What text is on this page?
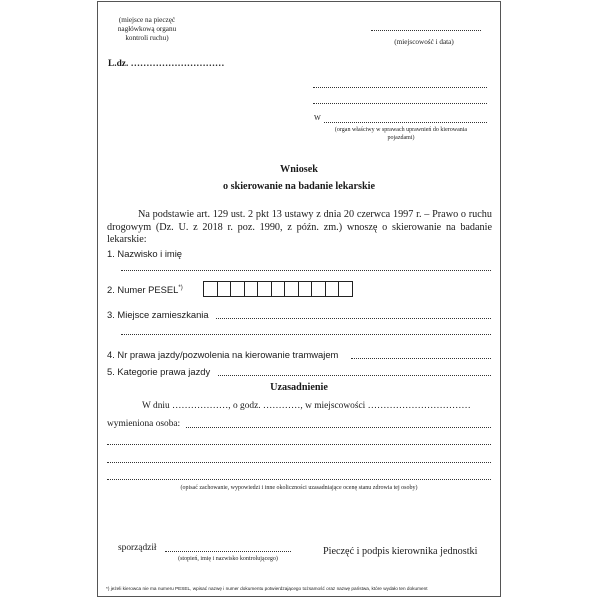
(miejsce na pieczęć
nagłówkową organu
kontroli ruchu)	(miejscowość i data)
L.dz. …………………………
W
(organ właściwy w sprawach uprawnień do kierowania
pojazdami)
Wniosek
o skierowanie na badanie lekarskie
Na podstawie art. 129 ust. 2 pkt 13 ustawy z dnia 20 czerwca 1997 r. – Prawo o ruchu drogowym (Dz. U. z 2018 r. poz. 1990, z późn. zm.) wnoszę o skierowanie na badanie lekarskie:
1. Nazwisko i imię
2. Numer PESEL*)
3. Miejsce zamieszkania
4. Nr prawa jazdy/pozwolenia na kierowanie tramwajem
5. Kategorie prawa jazdy
Uzasadnienie
W dniu ………………, o godz. …………, w miejscowości ……………………………
wymieniona osoba:
(opisać zachowanie, wypowiedzi i inne okoliczności uzasadniające ocenę stanu zdrowia tej osoby)
sporządził
(stopień, imię i nazwisko kontrolującego)
Pieczęć i podpis kierownika jednostki
*) jeżeli kierowca nie ma numeru PESEL, wpisać nazwę i numer dokumentu potwierdzającego tożsamość oraz nazwę państwa, które wydało ten dokument
